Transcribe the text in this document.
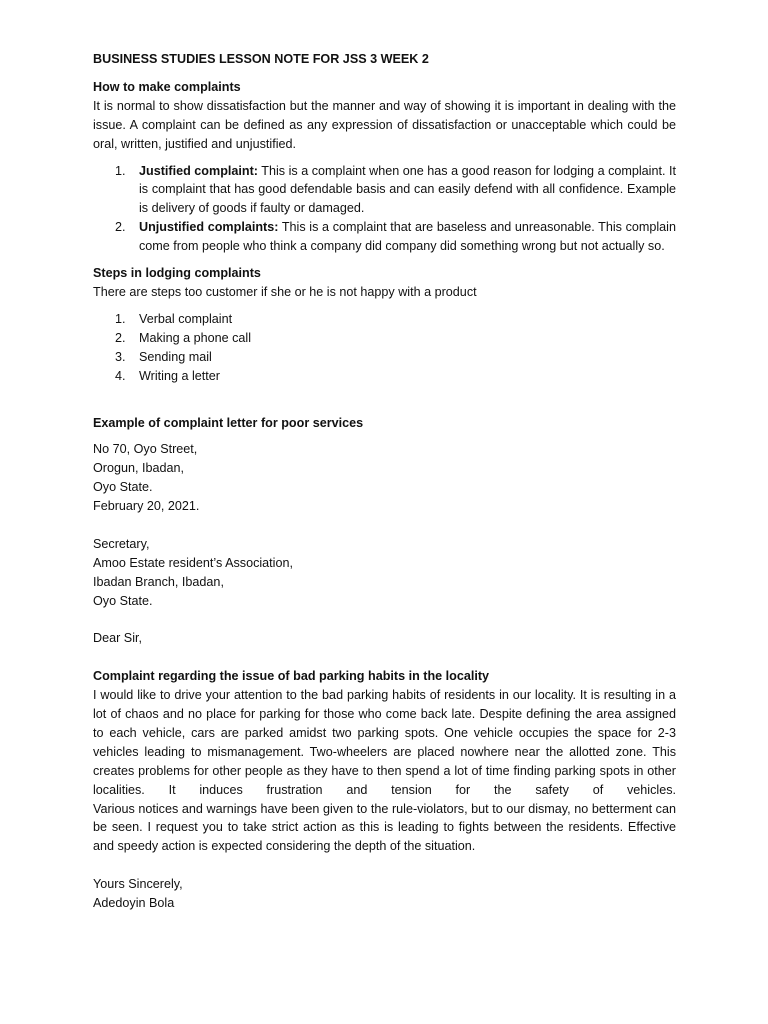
BUSINESS STUDIES LESSON NOTE FOR JSS 3 WEEK 2

How to make complaints

It is normal to show dissatisfaction but the manner and way of showing it is important in dealing with the issue. A complaint can be defined as any expression of dissatisfaction or unacceptable which could be oral, written, justified and unjustified.

1. Justified complaint: This is a complaint when one has a good reason for lodging a complaint. It is complaint that has good defendable basis and can easily defend with all confidence. Example is delivery of goods if faulty or damaged.
2. Unjustified complaints: This is a complaint that are baseless and unreasonable. This complain come from people who think a company did company did something wrong but not actually so.

Steps in lodging complaints

There are steps too customer if she or he is not happy with a product

1. Verbal complaint
2. Making a phone call
3. Sending mail
4. Writing a letter

Example of complaint letter for poor services

No 70, Oyo Street,

Orogun, Ibadan,

Oyo State.

February 20, 2021.

Secretary,

Amoo Estate resident’s Association,

Ibadan Branch, Ibadan,

Oyo State.

Dear Sir,

Complaint regarding the issue of bad parking habits in the locality

I would like to drive your attention to the bad parking habits of residents in our locality. It is resulting in a lot of chaos and no place for parking for those who come back late. Despite defining the area assigned to each vehicle, cars are parked amidst two parking spots. One vehicle occupies the space for 2-3 vehicles leading to mismanagement. Two-wheelers are placed nowhere near the allotted zone. This creates problems for other people as they have to then spend a lot of time finding parking spots in other localities. It induces frustration and tension for the safety of vehicles.

Various notices and warnings have been given to the rule-violators, but to our dismay, no betterment can be seen. I request you to take strict action as this is leading to fights between the residents. Effective and speedy action is expected considering the depth of the situation.

Yours Sincerely,

Adedoyin Bola
